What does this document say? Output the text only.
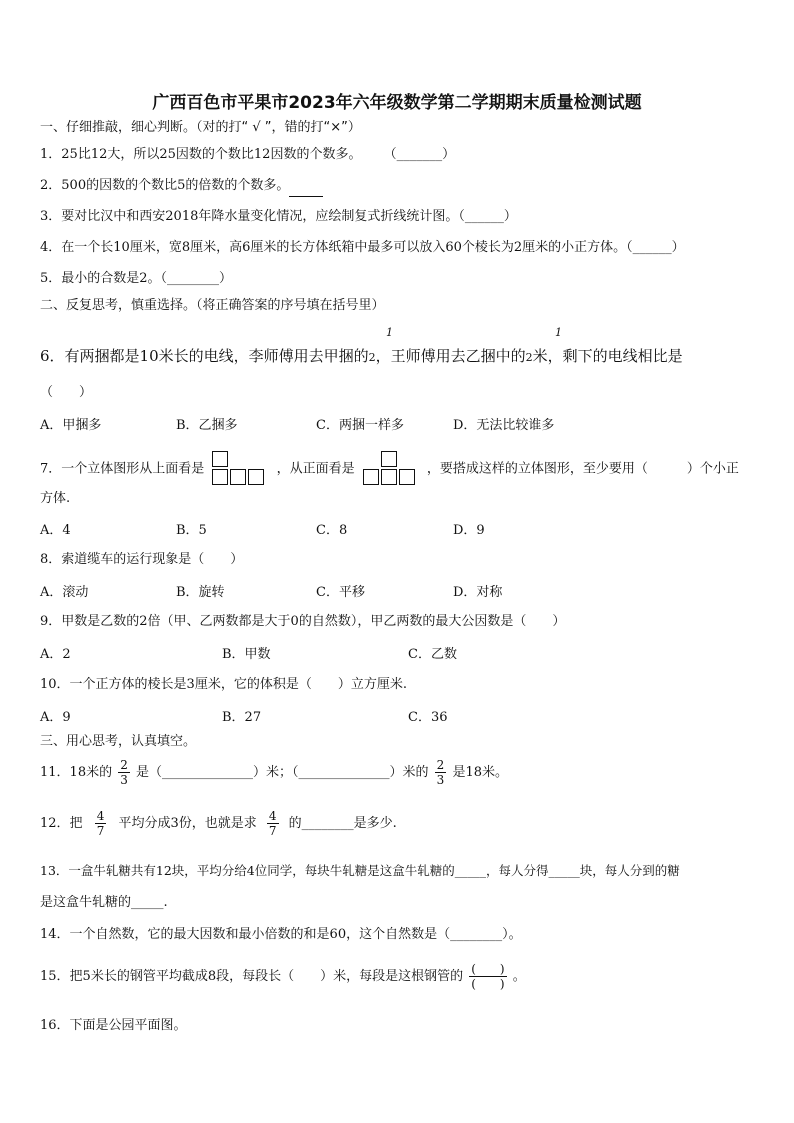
广西百色市平果市2023年六年级数学第二学期期末质量检测试题
一、仔细推敲，细心判断。（对的打“ √ ”，错的打“×”）
1．25比12大，所以25因数的个数比12因数的个数多。 （_______）
2．500的因数的个数比5的倍数的个数多。
3．要对比汉中和西安2018年降水量变化情况，应绘制复式折线统计图。（______）
4．在一个长10厘米，宽8厘米，高6厘米的长方体纸箱中最多可以放入60个棱长为2厘米的小正方体。（______）
5．最小的合数是2。（________）
二、反复思考，慎重选择。（将正确答案的序号填在括号里）
1	1
6．有两捆都是10米长的电线，李师傅用去甲捆的2，王师傅用去乙捆中的2米，剩下的电线相比是
（　　）
A．甲捆多	B．乙捆多	C．两捆一样多	D．无法比较谁多
7．一个立体图形从上面看是	，从正面看是	，要搭成这样的立体图形，至少要用（　　　）个小正
方体.
A．4	B．5	C．8	D．9
8．索道缆车的运行现象是（　　）
A．滚动	B．旋转	C．平移	D．对称
9．甲数是乙数的2倍（甲、乙两数都是大于0的自然数），甲乙两数的最大公因数是（　　）
A．2	B．甲数	C．乙数
10．一个正方体的棱长是3厘米，它的体积是（　　）立方厘米.
A．9	B．27	C．36
三、用心思考，认真填空。
11．18米的 $\frac{2}{3}$ 是（______________）米；（______________）米的 $\frac{2}{3}$ 是18米。
12．把 $\frac{4}{7}$ 平均分成3份，也就是求 $\frac{4}{7}$ 的________是多少.
13．一盒牛轧糖共有12块，平均分给4位同学，每块牛轧糖是这盒牛轧糖的_____，每人分得_____块，每人分到的糖
是这盒牛轧糖的_____.
14．一个自然数，它的最大因数和最小倍数的和是60，这个自然数是（________）。
15．把5米长的钢管平均截成8段，每段长（　　）米，每段是这根钢管的 $\frac{( )}{( )}$ 。
16．下面是公园平面图。
